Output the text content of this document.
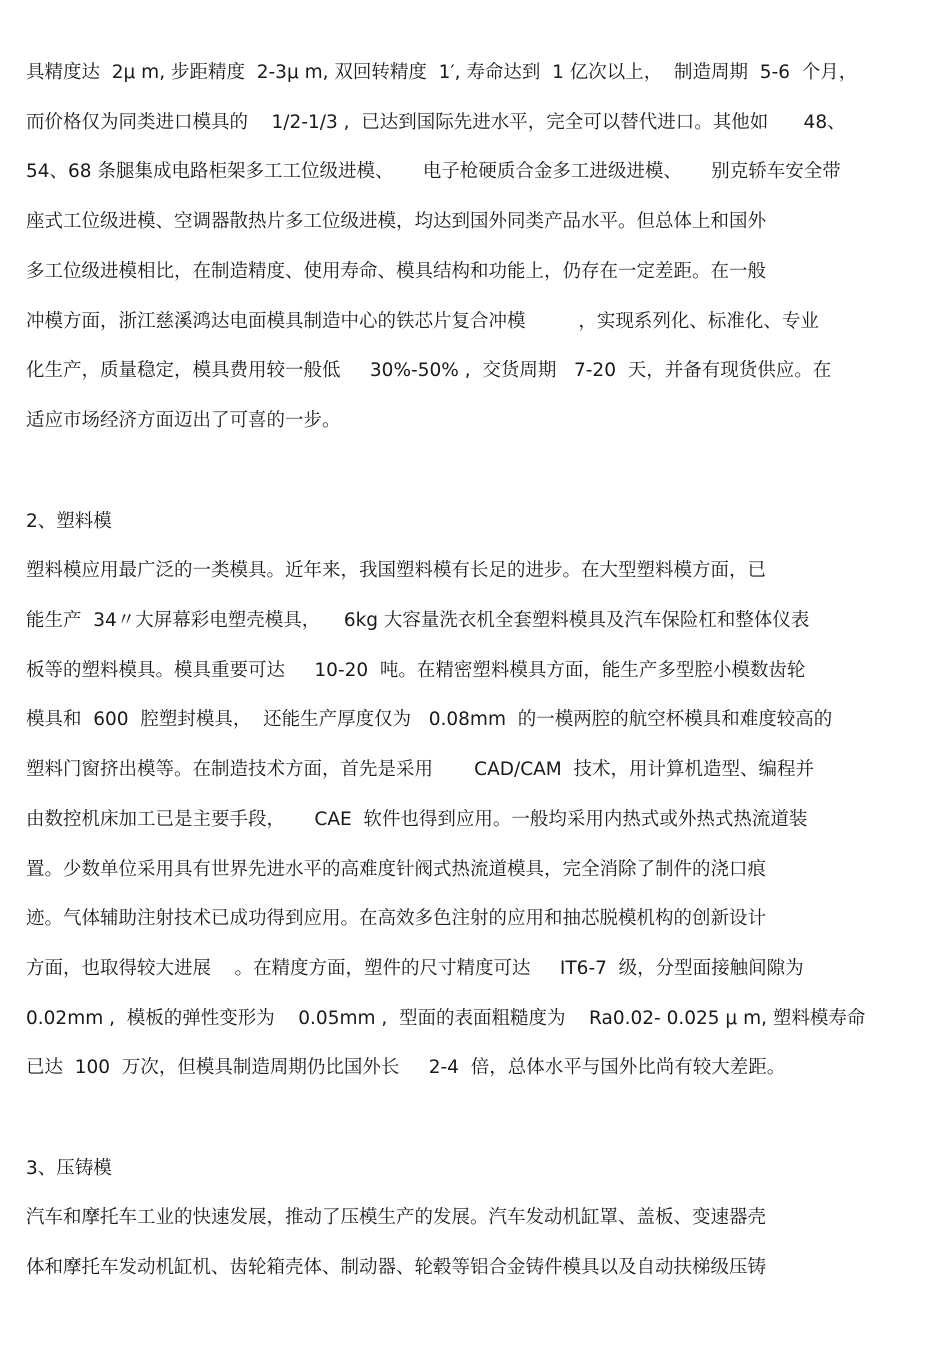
具精度达  2μ m, 步距精度  2-3μ m, 双回转精度  1′, 寿命达到  1 亿次以上，  制造周期  5-6  个月，
而价格仅为同类进口模具的    1/2-1/3 ,  已达到国际先进水平，完全可以替代进口。其他如      48、
54、68 条腿集成电路柜架多工工位级进模、     电子枪硬质合金多工进级进模、     别克轿车安全带
座式工位级进模、空调器散热片多工位级进模，均达到国外同类产品水平。但总体上和国外
多工位级进模相比，在制造精度、使用寿命、模具结构和功能上，仍存在一定差距。在一般
冲模方面，浙江慈溪鸿达电面模具制造中心的铁芯片复合冲模         ，实现系列化、标准化、专业
化生产，质量稳定，模具费用较一般低     30%-50% ,  交货周期   7-20  天，并备有现货供应。在
适应市场经济方面迈出了可喜的一步。
2、塑料模
塑料模应用最广泛的一类模具。近年来，我国塑料模有长足的进步。在大型塑料模方面，已
能生产  34〃大屏幕彩电塑壳模具，    6kg 大容量洗衣机全套塑料模具及汽车保险杠和整体仪表
板等的塑料模具。模具重要可达     10-20  吨。在精密塑料模具方面，能生产多型腔小模数齿轮
模具和  600  腔塑封模具，  还能生产厚度仅为   0.08mm  的一模两腔的航空杯模具和难度较高的
塑料门窗挤出模等。在制造技术方面，首先是采用       CAD/CAM  技术，用计算机造型、编程并
由数控机床加工已是主要手段，     CAE  软件也得到应用。一般均采用内热式或外热式热流道装
置。少数单位采用具有世界先进水平的高难度针阀式热流道模具，完全消除了制件的浇口痕
迹。气体辅助注射技术已成功得到应用。在高效多色注射的应用和抽芯脱模机构的创新设计
方面，也取得较大进展    。在精度方面，塑件的尺寸精度可达     IT6-7  级，分型面接触间隙为
0.02mm ,  模板的弹性变形为    0.05mm ,  型面的表面粗糙度为    Ra0.02- 0.025 μ m, 塑料模寿命
已达  100  万次，但模具制造周期仍比国外长     2-4  倍，总体水平与国外比尚有较大差距。
3、压铸模
汽车和摩托车工业的快速发展，推动了压模生产的发展。汽车发动机缸罩、盖板、变速器壳
体和摩托车发动机缸机、齿轮箱壳体、制动器、轮毂等铝合金铸件模具以及自动扶梯级压铸
